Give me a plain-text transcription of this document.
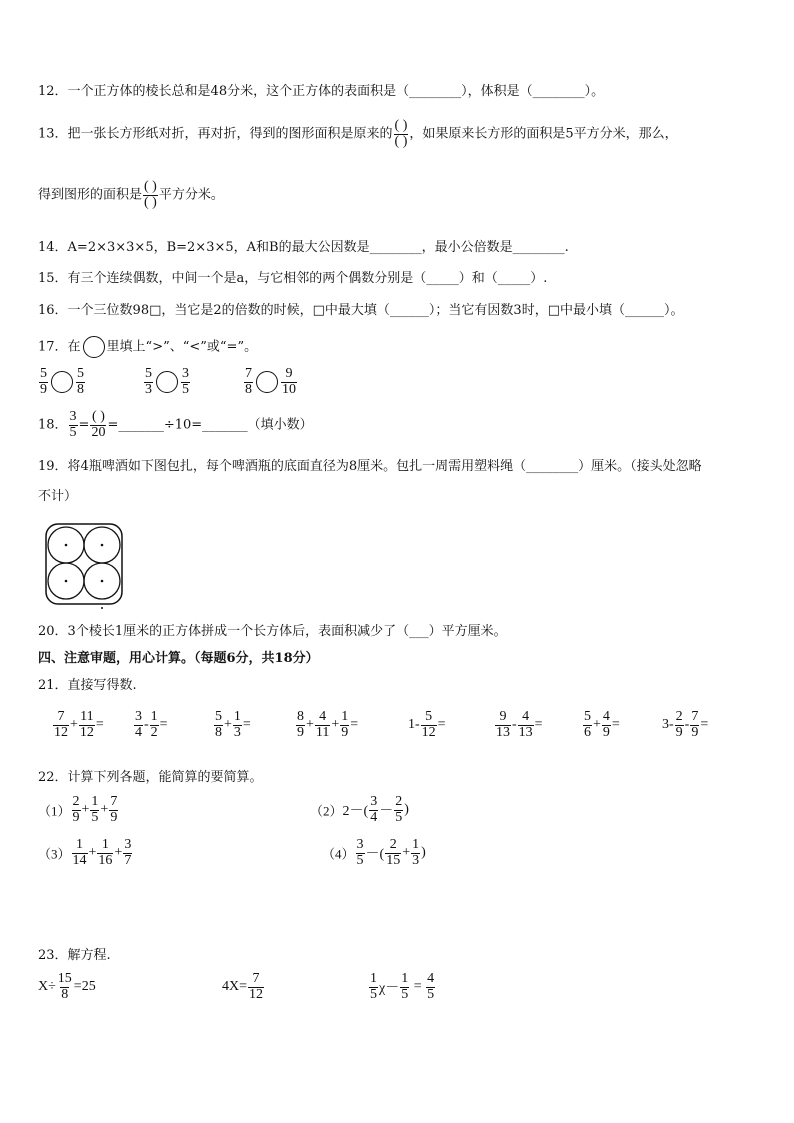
12．一个正方体的棱长总和是48分米，这个正方体的表面积是（________），体积是（________）。
13．把一张长方形纸对折，再对折，得到的图形面积是原来的
( )
( ) ，如果原来长方形的面积是5平方分米，那么，
得到图形的面积是
( )
( ) 平方分米。
14．A=2×3×3×5，B=2×3×5，A和B的最大公因数是________，最小公倍数是________.
15．有三个连续偶数，中间一个是a，与它相邻的两个偶数分别是（_____）和（_____）.
16．一个三位数98□，当它是2的倍数的时候，□中最大填（______）；当它有因数3时，□中最小填（______）。
17．在 里填上“>”、“<”或“=”。
$\frac{5}{9} \frac{5}{8}$	$\frac{5}{3} \frac{3}{5}$	$\frac{7}{8} \frac{9}{10}$
18． $\frac{3}{5}$ =
( )
20 =_______÷10=_______（填小数）
19．将4瓶啤酒如下图包扎，每个啤酒瓶的底面直径为8厘米。包扎一周需用塑料绳（________）厘米。（接头处忽略
不计）
20．3个棱长1厘米的正方体拼成一个长方体后，表面积减少了（___）平方厘米。
四、注意审题，用心计算。（每题6分，共18分）
21．直接写得数.
$\frac{7}{12} + \frac{11}{12} = \frac{3}{4} - \frac{1}{2}$ =	$\frac{5}{8} + \frac{1}{3}$ =	$\frac{8}{9} + \frac{4}{11} + \frac{1}{9}$ =	$1- \frac{5}{12}$ =	$\frac{9}{13} - \frac{4}{13}$ =	$\frac{5}{6} + \frac{4}{9}$ =	$3- \frac{2}{9} - \frac{7}{9}$ =
22．计算下列各题，能简算的要简算。
$(1) \frac{2}{9} + \frac{1}{5} + \frac{7}{9}$	$(2)2-( \frac{3}{4} - \frac{2}{5}$ )
$(3) \frac{1}{14} + \frac{1}{16} + \frac{3}{7}$	$(4) \frac{3}{5}$ －( $\frac{2}{15} + \frac{1}{3}$ )
23．解方程.
$X\div \frac{15}{8} =25$	$4X= \frac{7}{12}$	$\frac{1}{5} \chi- \frac{1}{5} = \frac{4}{5}$
